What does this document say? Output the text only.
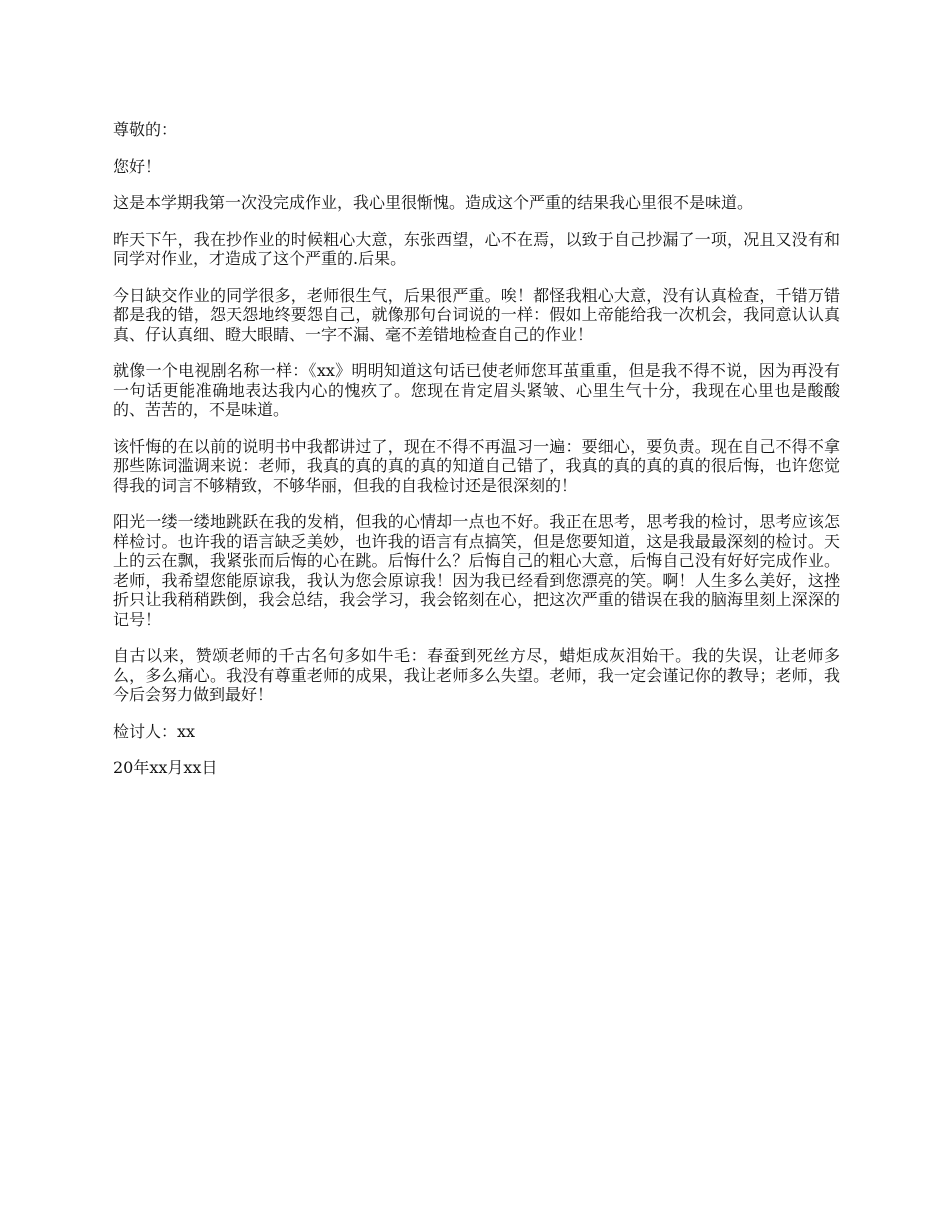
尊敬的：

您好！

这是本学期我第一次没完成作业，我心里很惭愧。造成这个严重的结果我心里很不是味道。

昨天下午，我在抄作业的时候粗心大意，东张西望，心不在焉，以致于自己抄漏了一项，况且又没有和同学对作业，才造成了这个严重的.后果。

今日缺交作业的同学很多，老师很生气，后果很严重。唉！都怪我粗心大意，没有认真检查，千错万错都是我的错，怨天怨地终要怨自己，就像那句台词说的一样：假如上帝能给我一次机会，我同意认认真真、仔认真细、瞪大眼睛、一字不漏、毫不差错地检查自己的作业！

就像一个电视剧名称一样：《xx》明明知道这句话已使老师您耳茧重重，但是我不得不说，因为再没有一句话更能准确地表达我内心的愧疚了。您现在肯定眉头紧皱、心里生气十分，我现在心里也是酸酸的、苦苦的，不是味道。

该忏悔的在以前的说明书中我都讲过了，现在不得不再温习一遍：要细心，要负责。现在自己不得不拿那些陈词滥调来说：老师，我真的真的真的真的知道自己错了，我真的真的真的真的很后悔，也许您觉得我的词言不够精致，不够华丽，但我的自我检讨还是很深刻的！

阳光一缕一缕地跳跃在我的发梢，但我的心情却一点也不好。我正在思考，思考我的检讨，思考应该怎样检讨。也许我的语言缺乏美妙，也许我的语言有点搞笑，但是您要知道，这是我最最深刻的检讨。天上的云在飘，我紧张而后悔的心在跳。后悔什么？后悔自己的粗心大意，后悔自己没有好好完成作业。老师，我希望您能原谅我，我认为您会原谅我！因为我已经看到您漂亮的笑。啊！人生多么美好，这挫折只让我稍稍跌倒，我会总结，我会学习，我会铭刻在心，把这次严重的错误在我的脑海里刻上深深的记号！

自古以来，赞颂老师的千古名句多如牛毛：春蚕到死丝方尽，蜡炬成灰泪始干。我的失误，让老师多么，多么痛心。我没有尊重老师的成果，我让老师多么失望。老师，我一定会谨记你的教导；老师，我今后会努力做到最好！

检讨人：xx

20年xx月xx日
